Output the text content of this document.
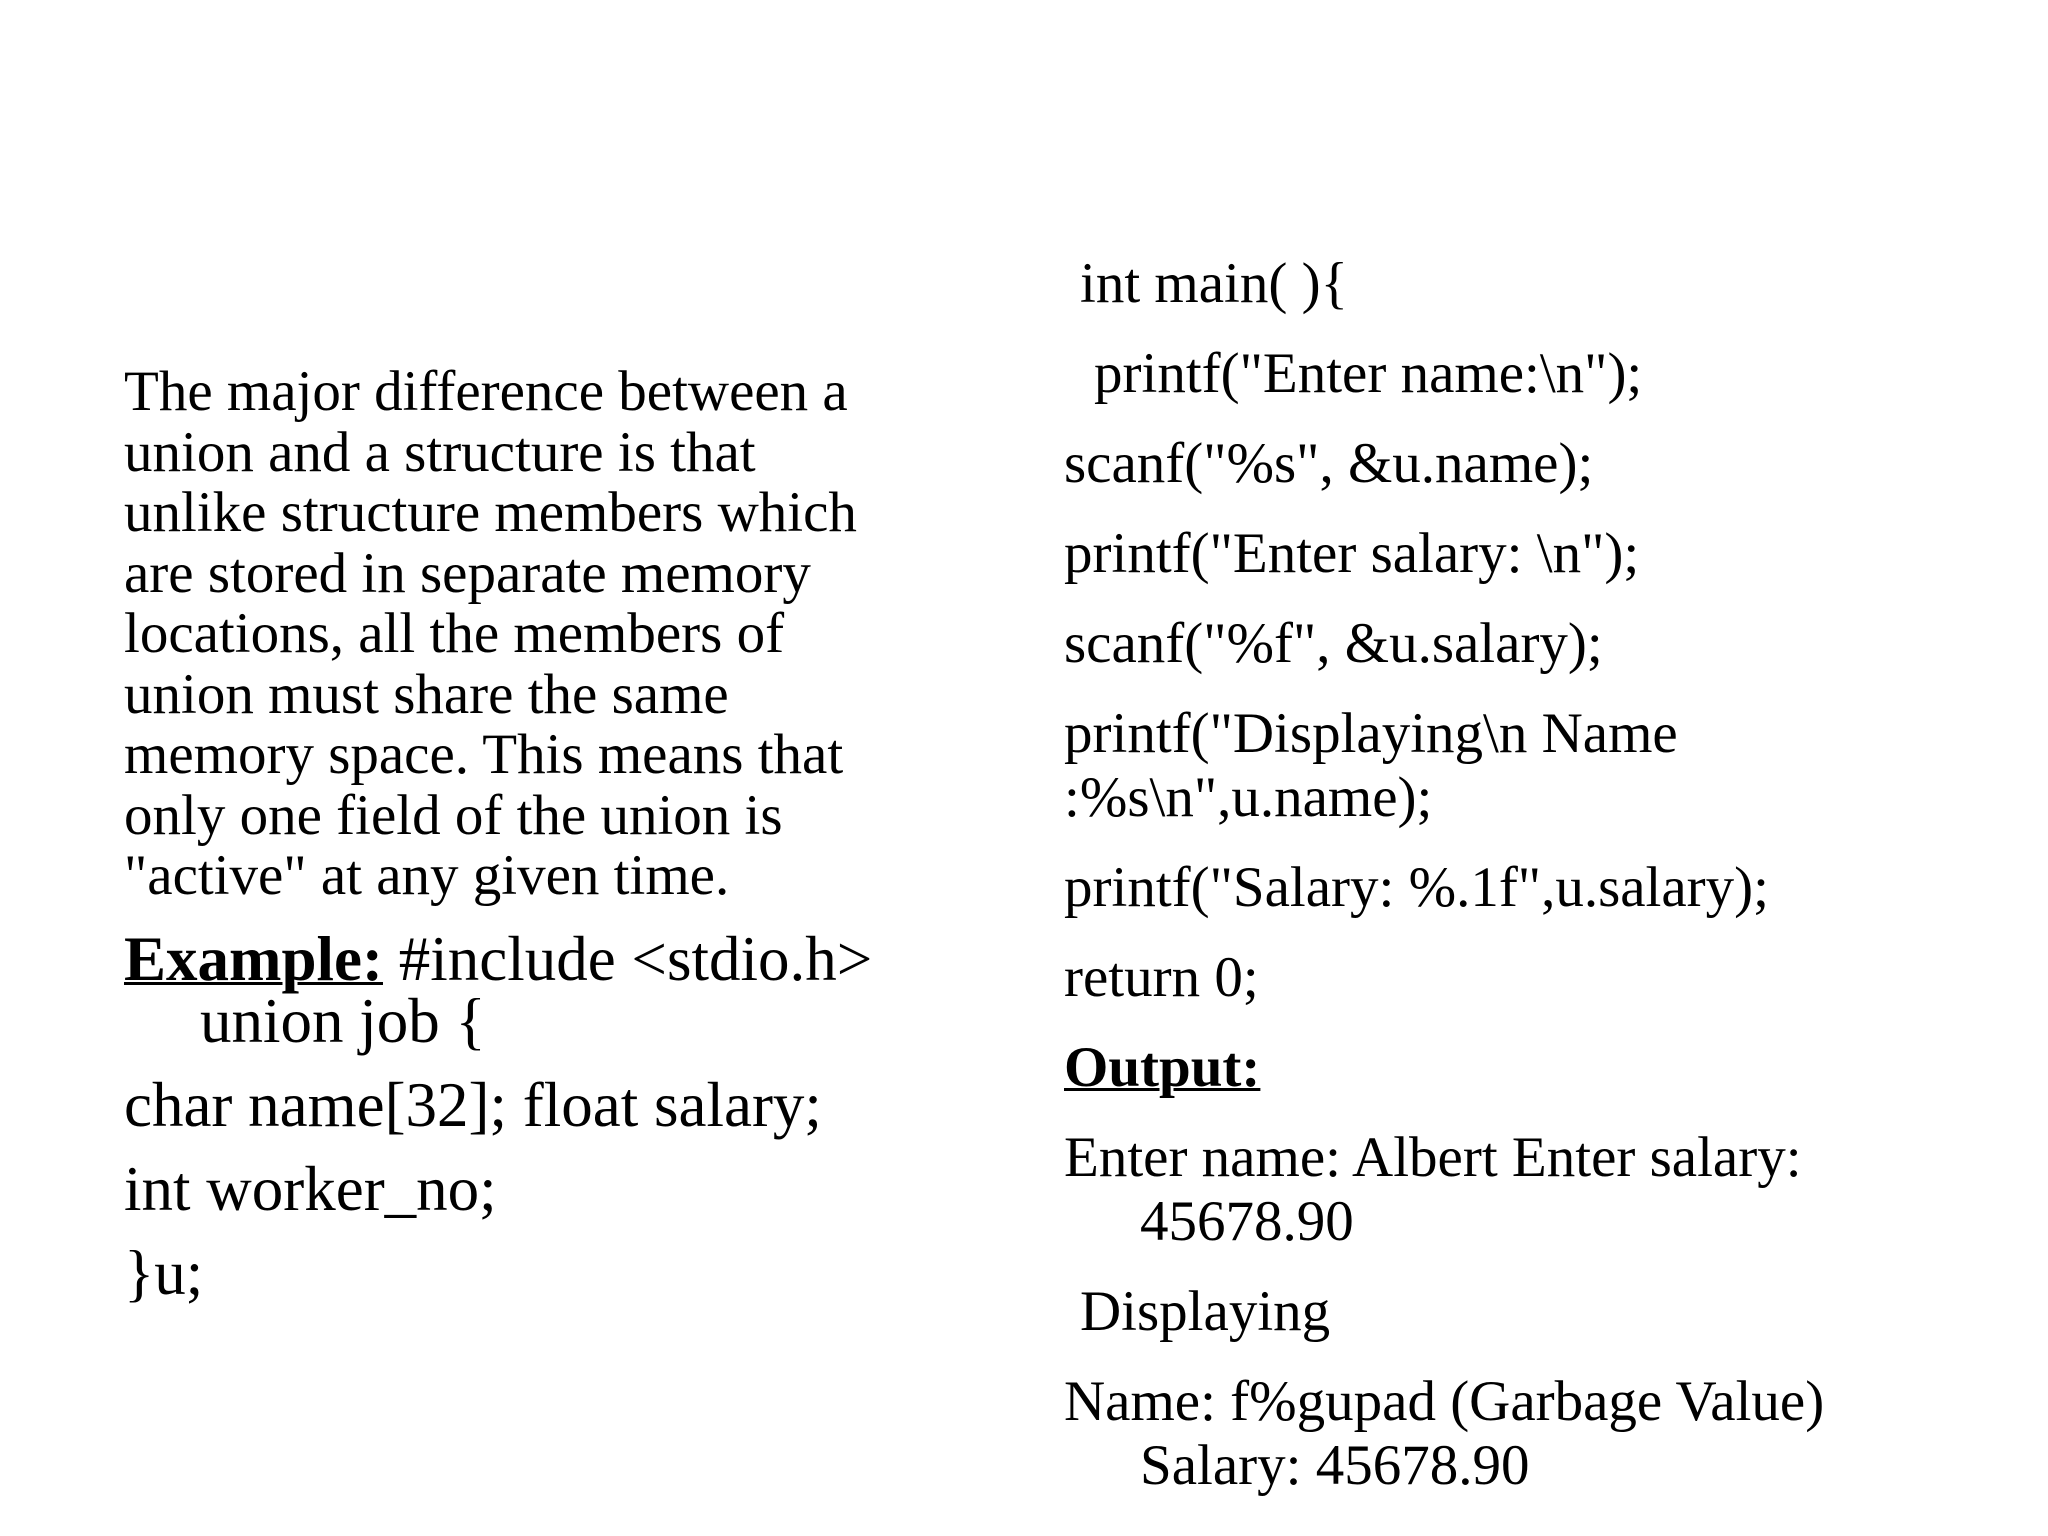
The major difference between a
union and a structure is that
unlike structure members which
are stored in separate memory
locations, all the members of
union must share the same
memory space. This means that
only one field of the union is
"active" at any given time.

Example: #include <stdio.h>
union job {
char name[32]; float salary;
int worker_no;
}u;

int main( ){

printf("Enter name:\n");

scanf("%s", &u.name);

printf("Enter salary: \n");

scanf("%f", &u.salary);

printf("Displaying\n Name

:%s\n",u.name);

printf("Salary: %.1f",u.salary);

return 0;

Output:

Enter name: Albert Enter salary:

45678.90

Displaying

Name: f%gupad (Garbage Value)

Salary: 45678.90
